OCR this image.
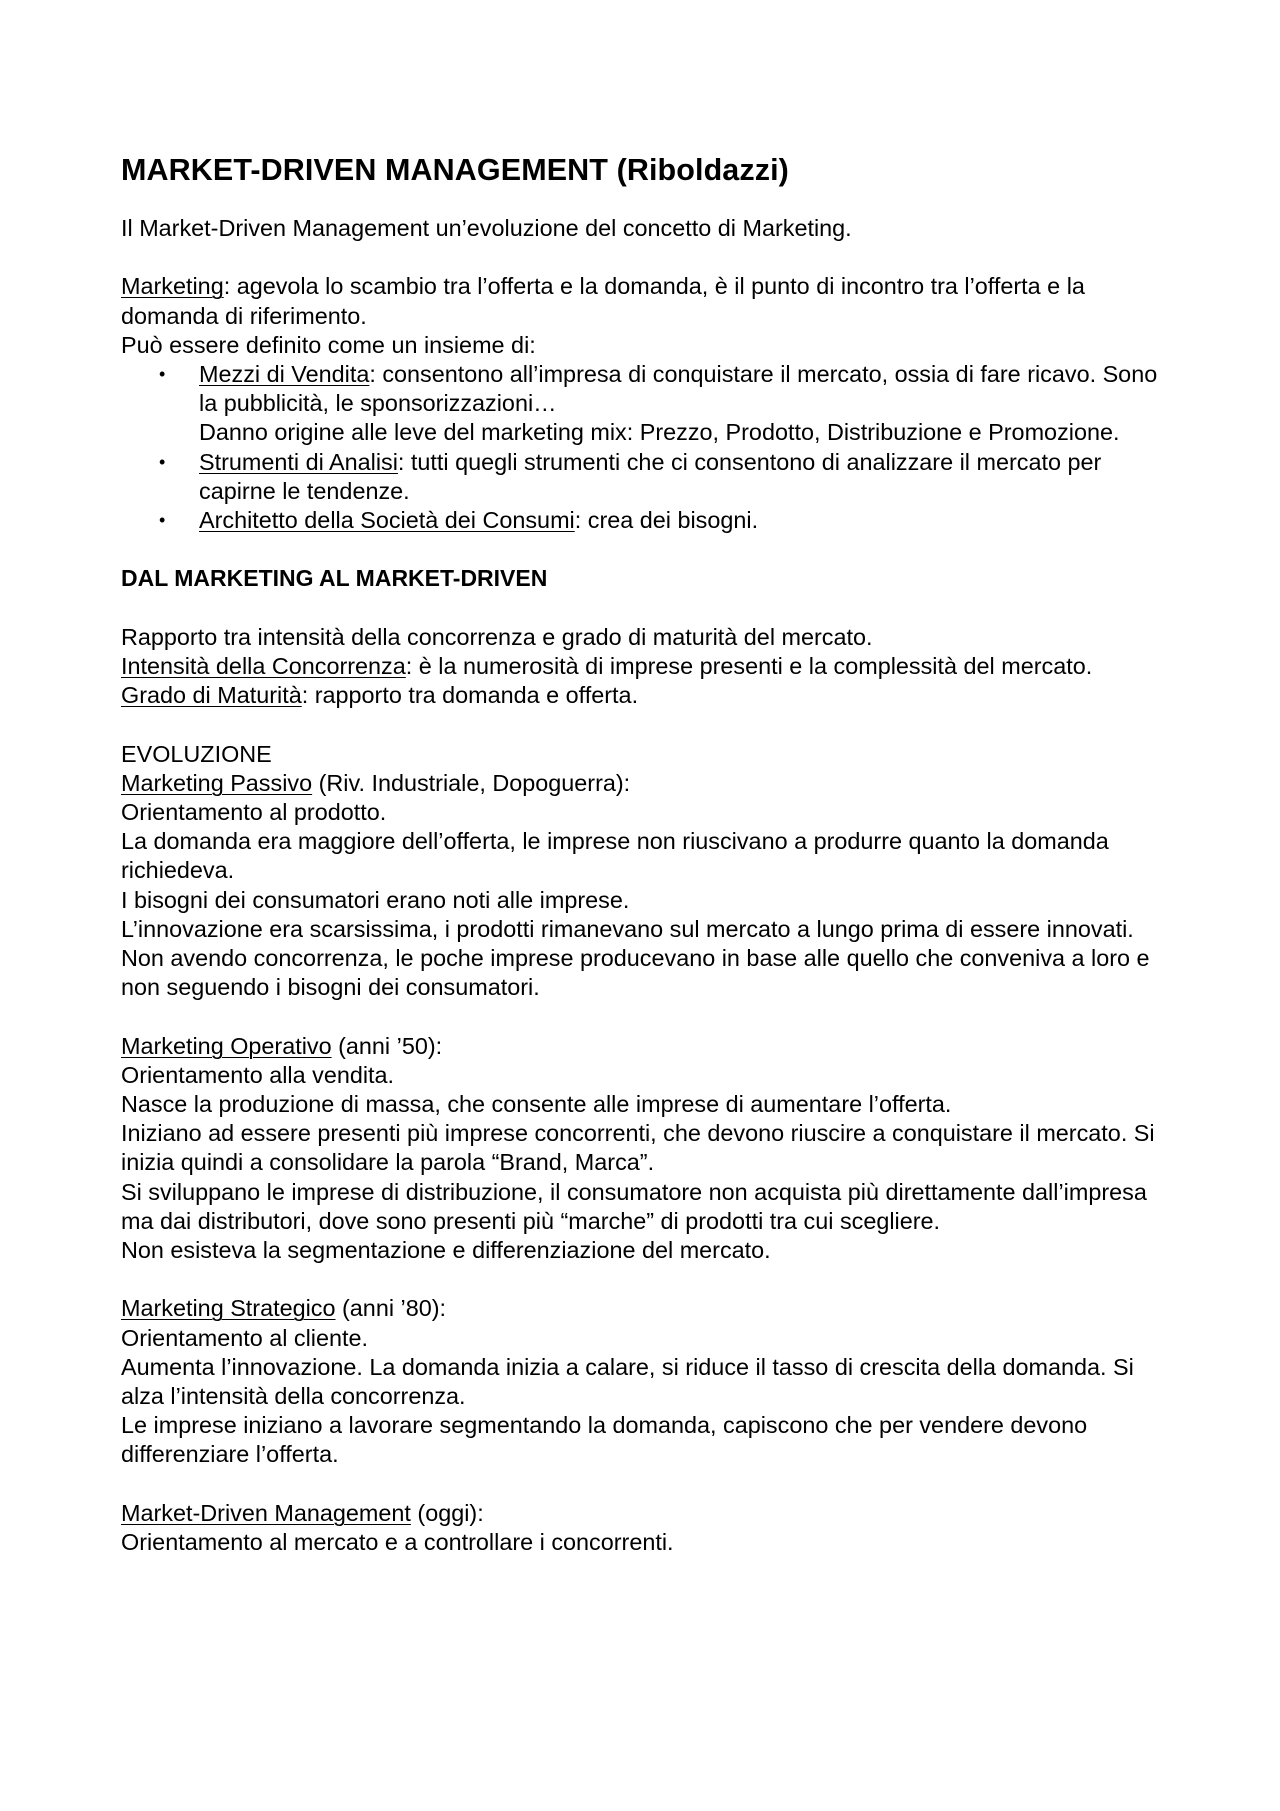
MARKET-DRIVEN MANAGEMENT (Riboldazzi)

Il Market-Driven Management un’evoluzione del concetto di Marketing.

Marketing: agevola lo scambio tra l’offerta e la domanda, è il punto di incontro tra l’offerta e la domanda di riferimento.

Può essere definito come un insieme di:

• Mezzi di Vendita: consentono all’impresa di conquistare il mercato, ossia di fare ricavo. Sono la pubblicità, le sponsorizzazioni…
Danno origine alle leve del marketing mix: Prezzo, Prodotto, Distribuzione e Promozione.
• Strumenti di Analisi: tutti quegli strumenti che ci consentono di analizzare il mercato per capirne le tendenze.
• Architetto della Società dei Consumi: crea dei bisogni.
DAL MARKETING AL MARKET-DRIVEN

Rapporto tra intensità della concorrenza e grado di maturità del mercato.

Intensità della Concorrenza: è la numerosità di imprese presenti e la complessità del mercato.

Grado di Maturità: rapporto tra domanda e offerta.

EVOLUZIONE

Marketing Passivo (Riv. Industriale, Dopoguerra):

Orientamento al prodotto.

La domanda era maggiore dell’offerta, le imprese non riuscivano a produrre quanto la domanda richiedeva.

I bisogni dei consumatori erano noti alle imprese.

L’innovazione era scarsissima, i prodotti rimanevano sul mercato a lungo prima di essere innovati.

Non avendo concorrenza, le poche imprese producevano in base alle quello che conveniva a loro e non seguendo i bisogni dei consumatori.

Marketing Operativo (anni ’50):

Orientamento alla vendita.

Nasce la produzione di massa, che consente alle imprese di aumentare l’offerta.

Iniziano ad essere presenti più imprese concorrenti, che devono riuscire a conquistare il mercato. Si inizia quindi a consolidare la parola “Brand, Marca”.

Si sviluppano le imprese di distribuzione, il consumatore non acquista più direttamente dall’impresa ma dai distributori, dove sono presenti più “marche” di prodotti tra cui scegliere.

Non esisteva la segmentazione e differenziazione del mercato.

Marketing Strategico (anni ’80):

Orientamento al cliente.

Aumenta l’innovazione. La domanda inizia a calare, si riduce il tasso di crescita della domanda. Si alza l’intensità della concorrenza.

Le imprese iniziano a lavorare segmentando la domanda, capiscono che per vendere devono differenziare l’offerta.

Market-Driven Management (oggi):

Orientamento al mercato e a controllare i concorrenti.
